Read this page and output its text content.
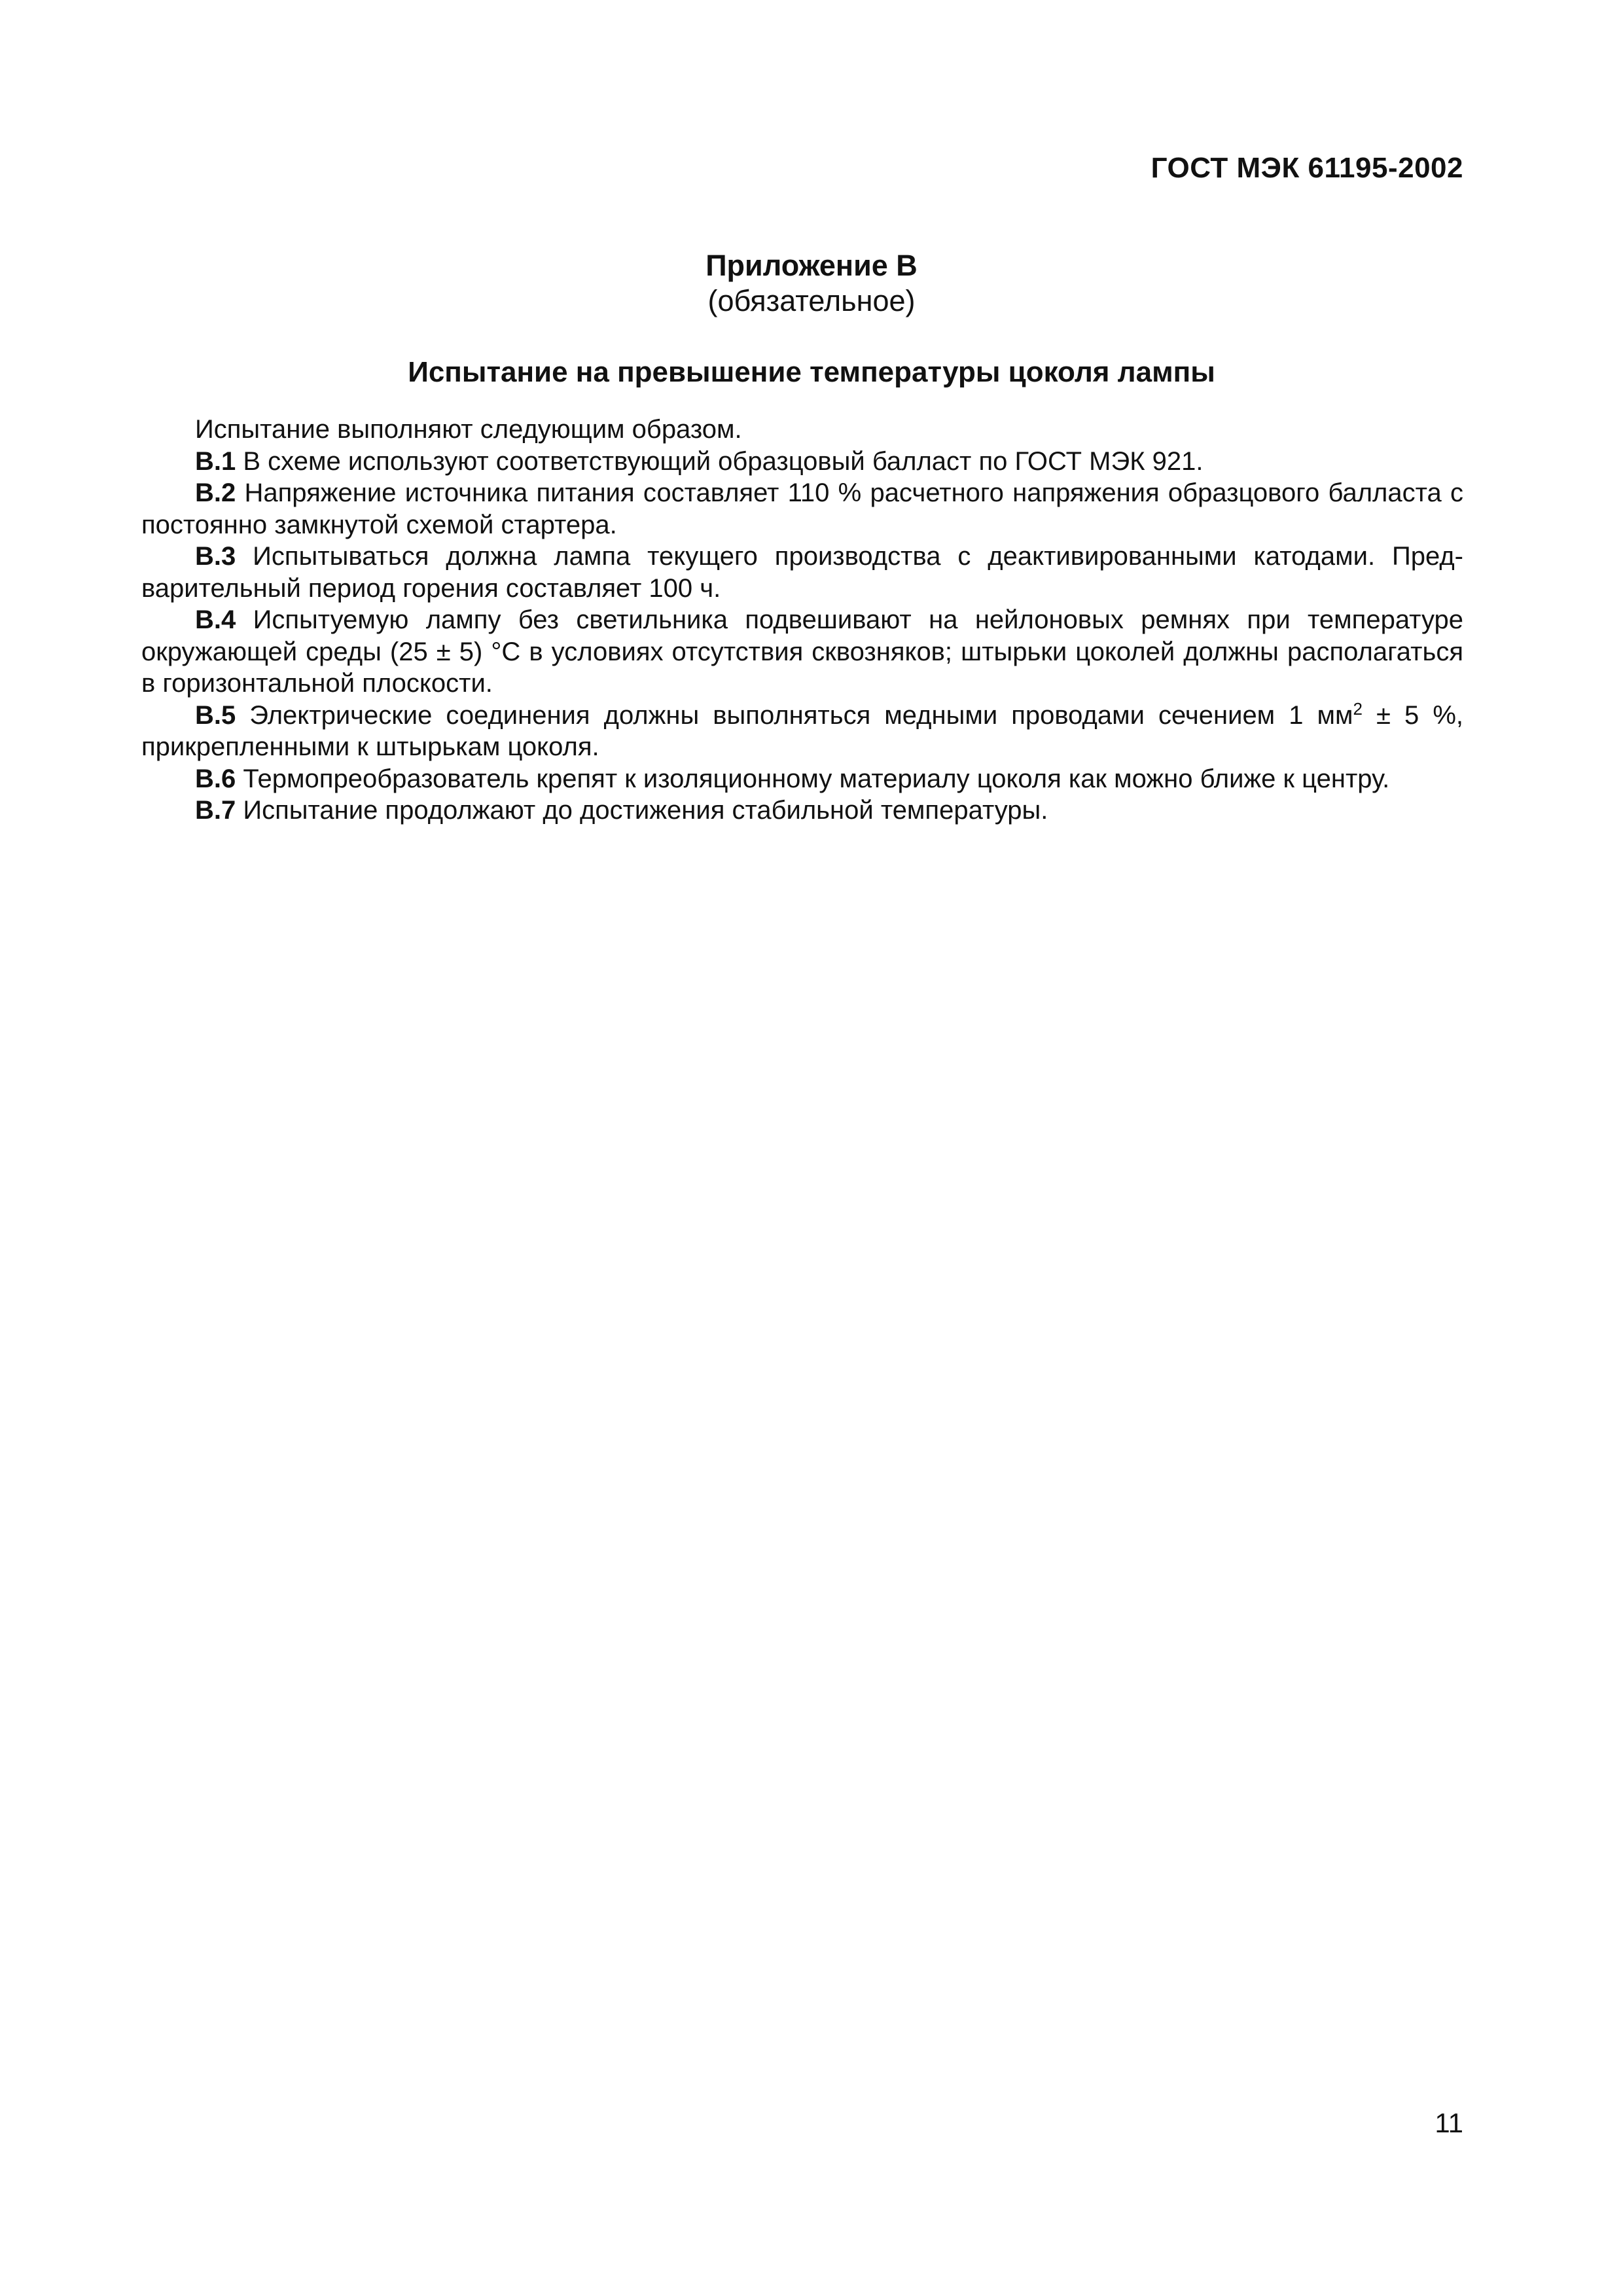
ГОСТ МЭК 61195-2002
Приложение В
(обязательное)
Испытание на превышение температуры цоколя лампы

Испытание выполняют следующим образом.

В.1 В схеме используют соответствующий образцовый балласт по ГОСТ МЭК 921.

В.2 Напряжение источника питания составляет 110 % расчетного напряжения образцового балласта с постоянно замкнутой схемой стартера.

В.3 Испытываться должна лампа текущего производства с деактивированными катодами. Предварительный период горения составляет 100 ч.

В.4 Испытуемую лампу без светильника подвешивают на нейлоновых ремнях при температуре окружающей среды (25 ± 5) °С в условиях отсутствия сквозняков; штырьки цоколей должны располагаться в горизонтальной плоскости.

В.5 Электрические соединения должны выполняться медными проводами сечением 1 $мм^2 \pm 5$ %, прикрепленными к штырькам цоколя.

В.6 Термопреобразователь крепят к изоляционному материалу цоколя как можно ближе к центру.

В.7 Испытание продолжают до достижения стабильной температуры.

11
